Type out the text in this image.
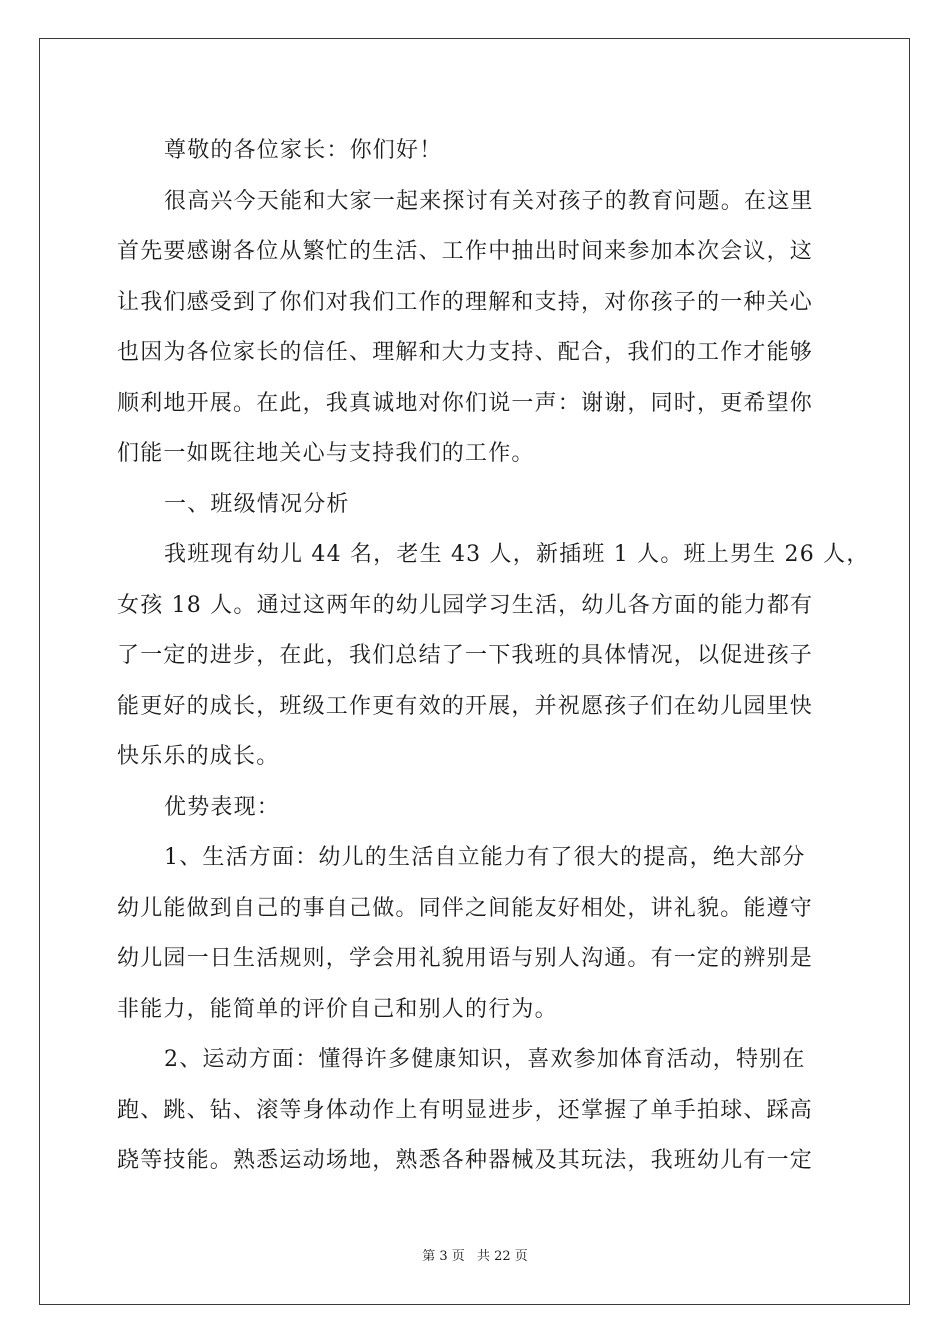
尊敬的各位家长：你们好！
很高兴今天能和大家一起来探讨有关对孩子的教育问题。在这里
首先要感谢各位从繁忙的生活、工作中抽出时间来参加本次会议，这
让我们感受到了你们对我们工作的理解和支持，对你孩子的一种关心
也因为各位家长的信任、理解和大力支持、配合，我们的工作才能够
顺利地开展。在此，我真诚地对你们说一声：谢谢，同时，更希望你
们能一如既往地关心与支持我们的工作。
一、班级情况分析
我班现有幼儿 44 名，老生 43 人，新插班 1 人。班上男生 26 人，
女孩 18 人。通过这两年的幼儿园学习生活，幼儿各方面的能力都有
了一定的进步，在此，我们总结了一下我班的具体情况，以促进孩子
能更好的成长，班级工作更有效的开展，并祝愿孩子们在幼儿园里快
快乐乐的成长。
优势表现：
1、生活方面：幼儿的生活自立能力有了很大的提高，绝大部分
幼儿能做到自己的事自己做。同伴之间能友好相处，讲礼貌。能遵守
幼儿园一日生活规则，学会用礼貌用语与别人沟通。有一定的辨别是
非能力，能简单的评价自己和别人的行为。
2、运动方面：懂得许多健康知识，喜欢参加体育活动，特别在
跑、跳、钻、滚等身体动作上有明显进步，还掌握了单手拍球、踩高
跷等技能。熟悉运动场地，熟悉各种器械及其玩法，我班幼儿有一定
第 3 页 共 22 页
